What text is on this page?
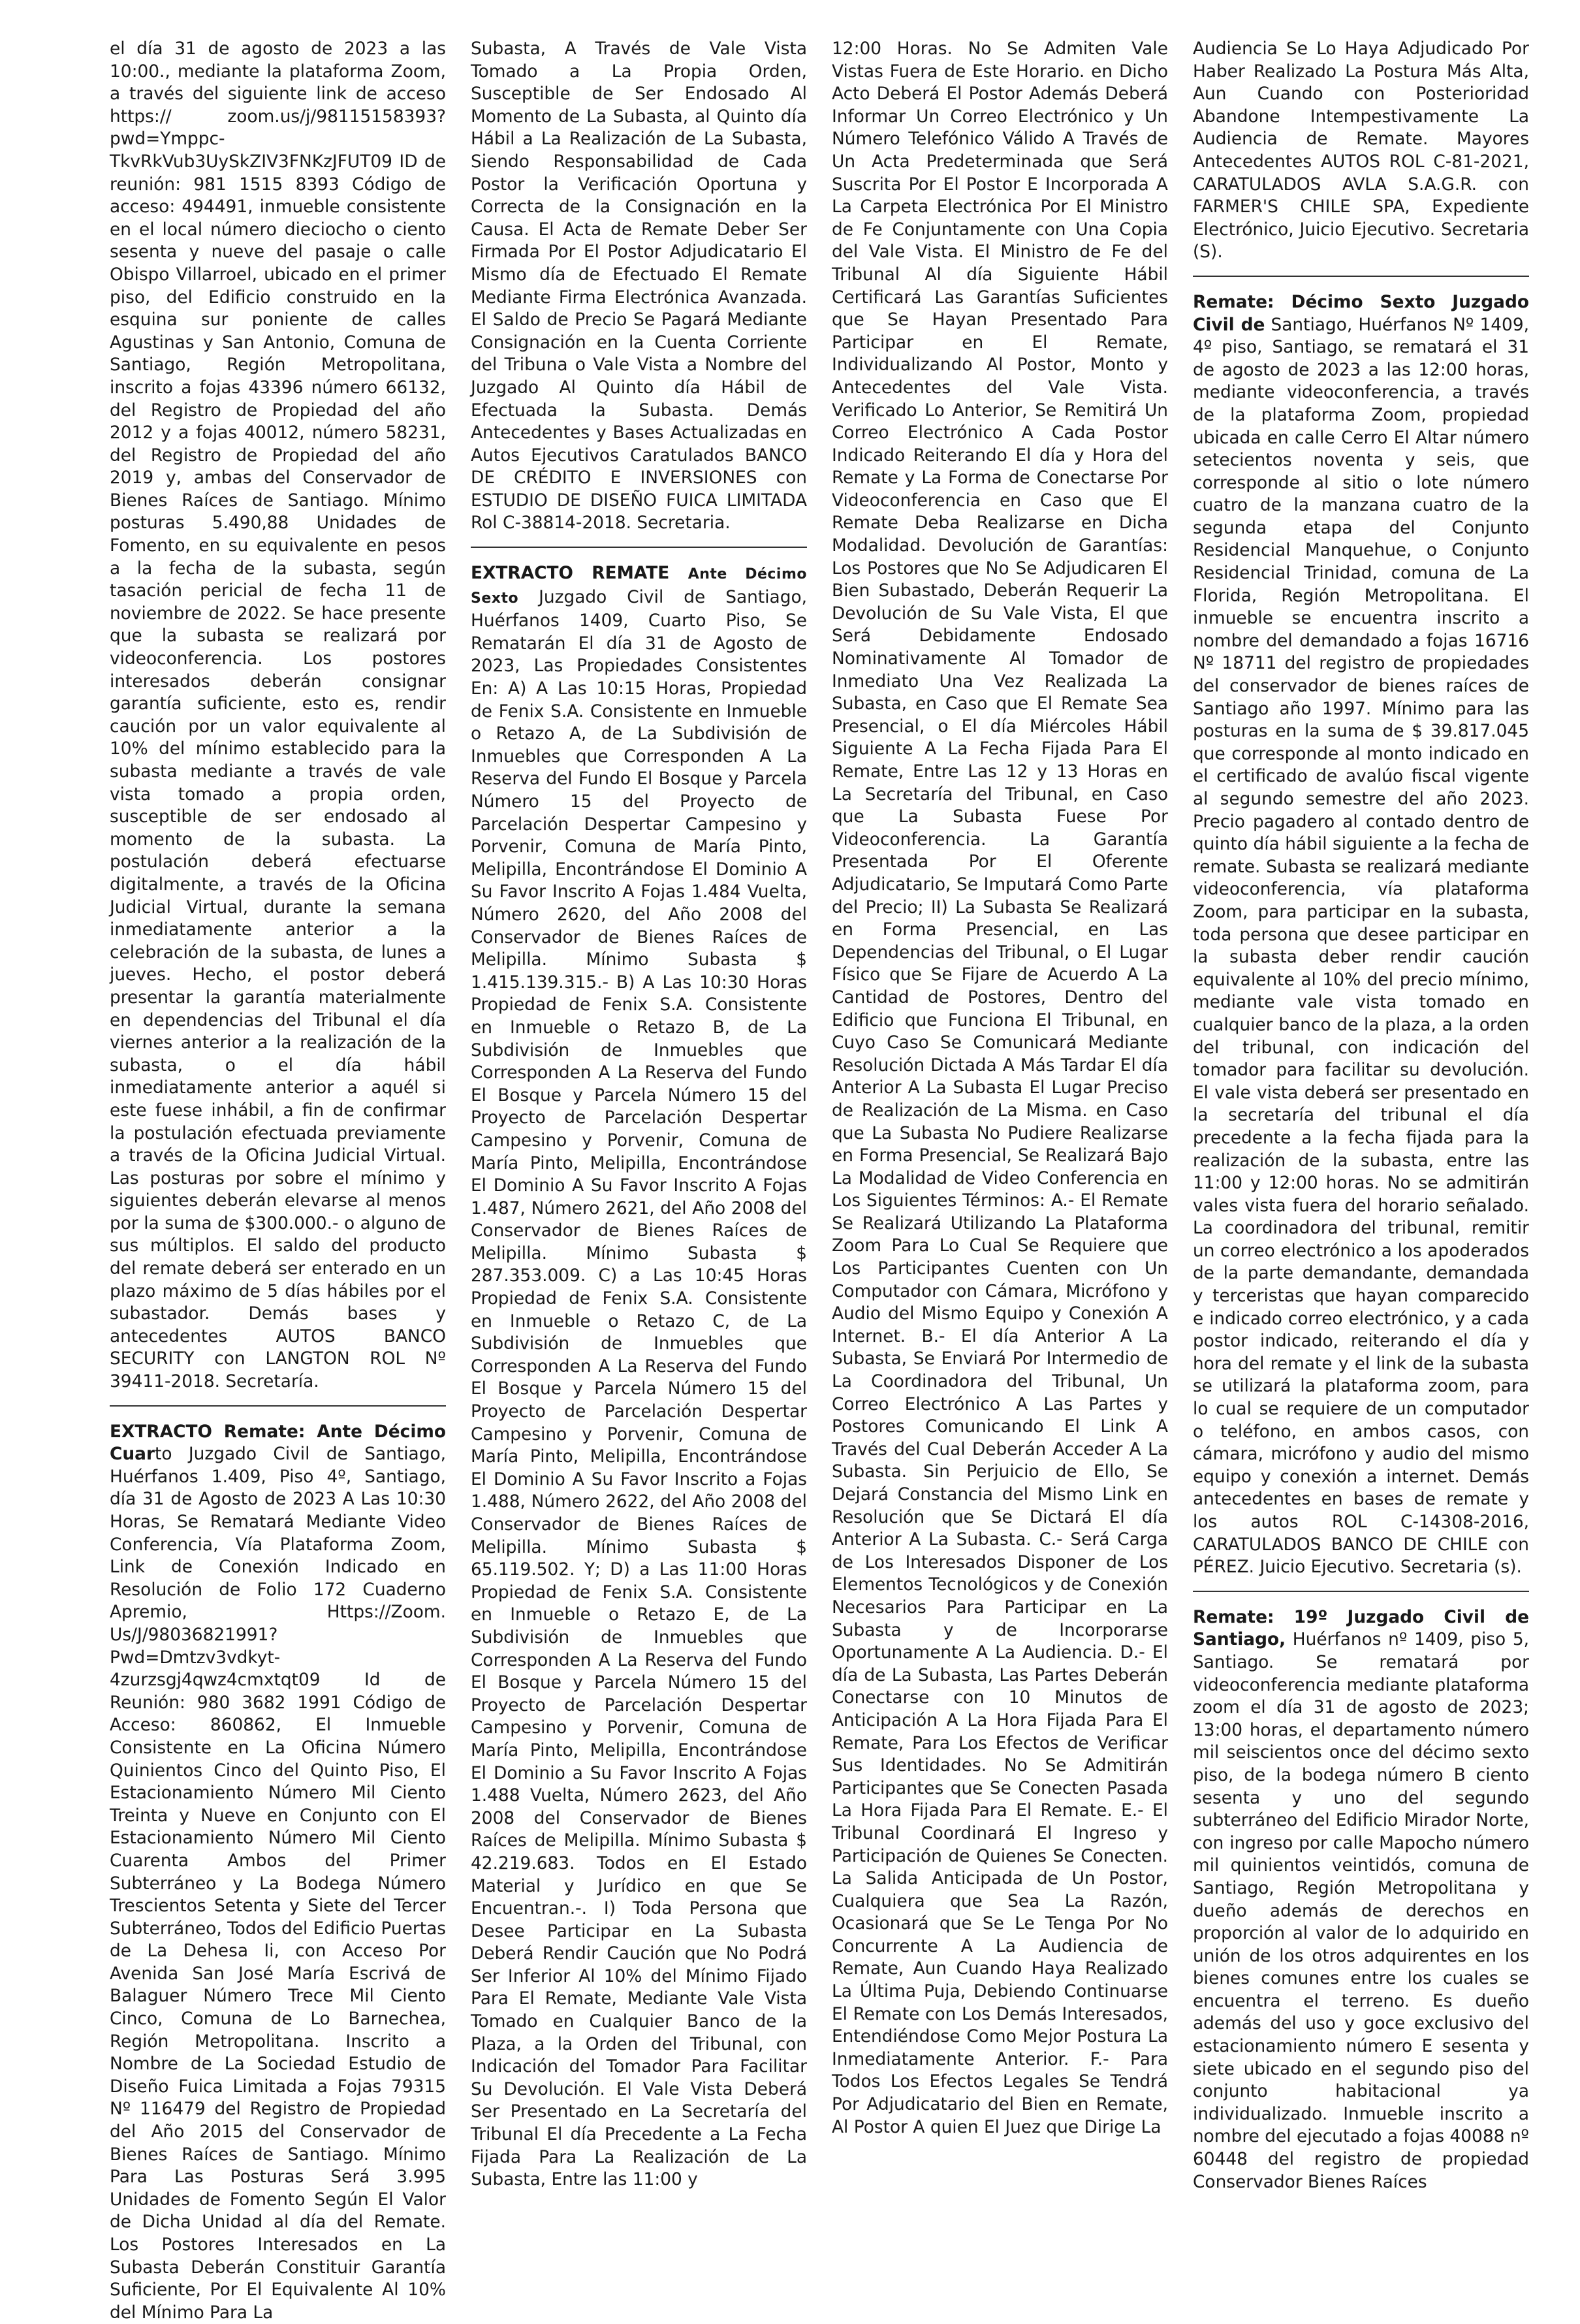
el día 31 de agosto de 2023 a las 10:00., mediante la plataforma Zoom, a través del siguiente link de acceso https:// zoom.us/j/98115158393?pwd=Ymppc-TkvRkVub3UySkZIV3FNKzJFUT09 ID de reunión: 981 1515 8393 Código de acceso: 494491, inmueble consistente en el local número dieciocho o ciento sesenta y nueve del pasaje o calle Obispo Villarroel, ubicado en el primer piso, del Edificio construido en la esquina sur poniente de calles Agustinas y San Antonio, Comuna de Santiago, Región Metropolitana, inscrito a fojas 43396 número 66132, del Registro de Propiedad del año 2012 y a fojas 40012, número 58231, del Registro de Propiedad del año 2019 y, ambas del Conservador de Bienes Raíces de Santiago. Mínimo posturas 5.490,88 Unidades de Fomento, en su equivalente en pesos a la fecha de la subasta, según tasación pericial de fecha 11 de noviembre de 2022. Se hace presente que la subasta se realizará por videoconferencia. Los postores interesados deberán consignar garantía suficiente, esto es, rendir caución por un valor equivalente al 10% del mínimo establecido para la subasta mediante a través de vale vista tomado a propia orden, susceptible de ser endosado al momento de la subasta. La postulación deberá efectuarse digitalmente, a través de la Oficina Judicial Virtual, durante la semana inmediatamente anterior a la celebración de la subasta, de lunes a jueves. Hecho, el postor deberá presentar la garantía materialmente en dependencias del Tribunal el día viernes anterior a la realización de la subasta, o el día hábil inmediatamente anterior a aquél si este fuese inhábil, a fin de confirmar la postulación efectuada previamente a través de la Oficina Judicial Virtual. Las posturas por sobre el mínimo y siguientes deberán elevarse al menos por la suma de $300.000.- o alguno de sus múltiplos. El saldo del producto del remate deberá ser enterado en un plazo máximo de 5 días hábiles por el subastador. Demás bases y antecedentes AUTOS BANCO SECURITY con LANGTON ROL Nº 39411-2018. Secretaría.

EXTRACTO Remate: Ante Décimo Cuarto Juzgado Civil de Santiago, Huérfanos 1.409, Piso 4º, Santiago, día 31 de Agosto de 2023 A Las 10:30 Horas, Se Rematará Mediante Video Conferencia, Vía Plataforma Zoom, Link de Conexión Indicado en Resolución de Folio 172 Cuaderno Apremio, Https://Zoom. Us/J/98036821991?Pwd=Dmtzv3vdkyt-4zurzsgj4qwz4cmxtqt09 Id de Reunión: 980 3682 1991 Código de Acceso: 860862, El Inmueble Consistente en La Oficina Número Quinientos Cinco del Quinto Piso, El Estacionamiento Número Mil Ciento Treinta y Nueve en Conjunto con El Estacionamiento Número Mil Ciento Cuarenta Ambos del Primer Subterráneo y La Bodega Número Trescientos Setenta y Siete del Tercer Subterráneo, Todos del Edificio Puertas de La Dehesa Ii, con Acceso Por Avenida San José María Escrivá de Balaguer Número Trece Mil Ciento Cinco, Comuna de Lo Barnechea, Región Metropolitana. Inscrito a Nombre de La Sociedad Estudio de Diseño Fuica Limitada a Fojas 79315 Nº 116479 del Registro de Propiedad del Año 2015 del Conservador de Bienes Raíces de Santiago. Mínimo Para Las Posturas Será 3.995 Unidades de Fomento Según El Valor de Dicha Unidad al día del Remate. Los Postores Interesados en La Subasta Deberán Constituir Garantía Suficiente, Por El Equivalente Al 10% del Mínimo Para La

Subasta, A Través de Vale Vista Tomado a La Propia Orden, Susceptible de Ser Endosado Al Momento de La Subasta, al Quinto día Hábil a La Realización de La Subasta, Siendo Responsabilidad de Cada Postor la Verificación Oportuna y Correcta de la Consignación en la Causa. El Acta de Remate Deber Ser Firmada Por El Postor Adjudicatario El Mismo día de Efectuado El Remate Mediante Firma Electrónica Avanzada. El Saldo de Precio Se Pagará Mediante Consignación en la Cuenta Corriente del Tribuna o Vale Vista a Nombre del Juzgado Al Quinto día Hábil de Efectuada la Subasta. Demás Antecedentes y Bases Actualizadas en Autos Ejecutivos Caratulados BANCO DE CRÉDITO E INVERSIONES con ESTUDIO DE DISEÑO FUICA LIMITADA Rol C-38814-2018. Secretaria.

EXTRACTO REMATE Ante Décimo Sexto Juzgado Civil de Santiago, Huérfanos 1409, Cuarto Piso, Se Rematarán El día 31 de Agosto de 2023, Las Propiedades Consistentes En: A) A Las 10:15 Horas, Propiedad de Fenix S.A. Consistente en Inmueble o Retazo A, de La Subdivisión de Inmuebles que Corresponden A La Reserva del Fundo El Bosque y Parcela Número 15 del Proyecto de Parcelación Despertar Campesino y Porvenir, Comuna de María Pinto, Melipilla, Encontrándose El Dominio A Su Favor Inscrito A Fojas 1.484 Vuelta, Número 2620, del Año 2008 del Conservador de Bienes Raíces de Melipilla. Mínimo Subasta $ 1.415.139.315.- B) A Las 10:30 Horas Propiedad de Fenix S.A. Consistente en Inmueble o Retazo B, de La Subdivisión de Inmuebles que Corresponden A La Reserva del Fundo El Bosque y Parcela Número 15 del Proyecto de Parcelación Despertar Campesino y Porvenir, Comuna de María Pinto, Melipilla, Encontrándose El Dominio A Su Favor Inscrito A Fojas 1.487, Número 2621, del Año 2008 del Conservador de Bienes Raíces de Melipilla. Mínimo Subasta $ 287.353.009. C) a Las 10:45 Horas Propiedad de Fenix S.A. Consistente en Inmueble o Retazo C, de La Subdivisión de Inmuebles que Corresponden A La Reserva del Fundo El Bosque y Parcela Número 15 del Proyecto de Parcelación Despertar Campesino y Porvenir, Comuna de María Pinto, Melipilla, Encontrándose El Dominio A Su Favor Inscrito a Fojas 1.488, Número 2622, del Año 2008 del Conservador de Bienes Raíces de Melipilla. Mínimo Subasta $ 65.119.502. Y; D) a Las 11:00 Horas Propiedad de Fenix S.A. Consistente en Inmueble o Retazo E, de La Subdivisión de Inmuebles que Corresponden A La Reserva del Fundo El Bosque y Parcela Número 15 del Proyecto de Parcelación Despertar Campesino y Porvenir, Comuna de María Pinto, Melipilla, Encontrándose El Dominio a Su Favor Inscrito A Fojas 1.488 Vuelta, Número 2623, del Año 2008 del Conservador de Bienes Raíces de Melipilla. Mínimo Subasta $ 42.219.683. Todos en El Estado Material y Jurídico en que Se Encuentran.-. I) Toda Persona que Desee Participar en La Subasta Deberá Rendir Caución que No Podrá Ser Inferior Al 10% del Mínimo Fijado Para El Remate, Mediante Vale Vista Tomado en Cualquier Banco de la Plaza, a la Orden del Tribunal, con Indicación del Tomador Para Facilitar Su Devolución. El Vale Vista Deberá Ser Presentado en La Secretaría del Tribunal El día Precedente a La Fecha Fijada Para La Realización de La Subasta, Entre las 11:00 y

12:00 Horas. No Se Admiten Vale Vistas Fuera de Este Horario. en Dicho Acto Deberá El Postor Además Deberá Informar Un Correo Electrónico y Un Número Telefónico Válido A Través de Un Acta Predeterminada que Será Suscrita Por El Postor E Incorporada A La Carpeta Electrónica Por El Ministro de Fe Conjuntamente con Una Copia del Vale Vista. El Ministro de Fe del Tribunal Al día Siguiente Hábil Certificará Las Garantías Suficientes que Se Hayan Presentado Para Participar en El Remate, Individualizando Al Postor, Monto y Antecedentes del Vale Vista. Verificado Lo Anterior, Se Remitirá Un Correo Electrónico A Cada Postor Indicado Reiterando El día y Hora del Remate y La Forma de Conectarse Por Videoconferencia en Caso que El Remate Deba Realizarse en Dicha Modalidad. Devolución de Garantías: Los Postores que No Se Adjudicaren El Bien Subastado, Deberán Requerir La Devolución de Su Vale Vista, El que Será Debidamente Endosado Nominativamente Al Tomador de Inmediato Una Vez Realizada La Subasta, en Caso que El Remate Sea Presencial, o El día Miércoles Hábil Siguiente A La Fecha Fijada Para El Remate, Entre Las 12 y 13 Horas en La Secretaría del Tribunal, en Caso que La Subasta Fuese Por Videoconferencia. La Garantía Presentada Por El Oferente Adjudicatario, Se Imputará Como Parte del Precio; II) La Subasta Se Realizará en Forma Presencial, en Las Dependencias del Tribunal, o El Lugar Físico que Se Fijare de Acuerdo A La Cantidad de Postores, Dentro del Edificio que Funciona El Tribunal, en Cuyo Caso Se Comunicará Mediante Resolución Dictada A Más Tardar El día Anterior A La Subasta El Lugar Preciso de Realización de La Misma. en Caso que La Subasta No Pudiere Realizarse en Forma Presencial, Se Realizará Bajo La Modalidad de Video Conferencia en Los Siguientes Términos: A.- El Remate Se Realizará Utilizando La Plataforma Zoom Para Lo Cual Se Requiere que Los Participantes Cuenten con Un Computador con Cámara, Micrófono y Audio del Mismo Equipo y Conexión A Internet. B.- El día Anterior A La Subasta, Se Enviará Por Intermedio de La Coordinadora del Tribunal, Un Correo Electrónico A Las Partes y Postores Comunicando El Link A Través del Cual Deberán Acceder A La Subasta. Sin Perjuicio de Ello, Se Dejará Constancia del Mismo Link en Resolución que Se Dictará El día Anterior A La Subasta. C.- Será Carga de Los Interesados Disponer de Los Elementos Tecnológicos y de Conexión Necesarios Para Participar en La Subasta y de Incorporarse Oportunamente A La Audiencia. D.- El día de La Subasta, Las Partes Deberán Conectarse con 10 Minutos de Anticipación A La Hora Fijada Para El Remate, Para Los Efectos de Verificar Sus Identidades. No Se Admitirán Participantes que Se Conecten Pasada La Hora Fijada Para El Remate. E.- El Tribunal Coordinará El Ingreso y Participación de Quienes Se Conecten. La Salida Anticipada de Un Postor, Cualquiera que Sea La Razón, Ocasionará que Se Le Tenga Por No Concurrente A La Audiencia de Remate, Aun Cuando Haya Realizado La Última Puja, Debiendo Continuarse El Remate con Los Demás Interesados, Entendiéndose Como Mejor Postura La Inmediatamente Anterior. F.- Para Todos Los Efectos Legales Se Tendrá Por Adjudicatario del Bien en Remate, Al Postor A quien El Juez que Dirige La

Audiencia Se Lo Haya Adjudicado Por Haber Realizado La Postura Más Alta, Aun Cuando con Posterioridad Abandone Intempestivamente La Audiencia de Remate. Mayores Antecedentes AUTOS ROL C-81-2021, CARATULADOS AVLA S.A.G.R. con FARMER'S CHILE SPA, Expediente Electrónico, Juicio Ejecutivo. Secretaria (S).

Remate: Décimo Sexto Juzgado Civil de Santiago, Huérfanos Nº 1409, 4º piso, Santiago, se rematará el 31 de agosto de 2023 a las 12:00 horas, mediante videoconferencia, a través de la plataforma Zoom, propiedad ubicada en calle Cerro El Altar número setecientos noventa y seis, que corresponde al sitio o lote número cuatro de la manzana cuatro de la segunda etapa del Conjunto Residencial Manquehue, o Conjunto Residencial Trinidad, comuna de La Florida, Región Metropolitana. El inmueble se encuentra inscrito a nombre del demandado a fojas 16716 Nº 18711 del registro de propiedades del conservador de bienes raíces de Santiago año 1997. Mínimo para las posturas en la suma de $ 39.817.045 que corresponde al monto indicado en el certificado de avalúo fiscal vigente al segundo semestre del año 2023. Precio pagadero al contado dentro de quinto día hábil siguiente a la fecha de remate. Subasta se realizará mediante videoconferencia, vía plataforma Zoom, para participar en la subasta, toda persona que desee participar en la subasta deber rendir caución equivalente al 10% del precio mínimo, mediante vale vista tomado en cualquier banco de la plaza, a la orden del tribunal, con indicación del tomador para facilitar su devolución. El vale vista deberá ser presentado en la secretaría del tribunal el día precedente a la fecha fijada para la realización de la subasta, entre las 11:00 y 12:00 horas. No se admitirán vales vista fuera del horario señalado. La coordinadora del tribunal, remitir un correo electrónico a los apoderados de la parte demandante, demandada y terceristas que hayan comparecido e indicado correo electrónico, y a cada postor indicado, reiterando el día y hora del remate y el link de la subasta se utilizará la plataforma zoom, para lo cual se requiere de un computador o teléfono, en ambos casos, con cámara, micrófono y audio del mismo equipo y conexión a internet. Demás antecedentes en bases de remate y los autos ROL C-14308-2016, CARATULADOS BANCO DE CHILE con PÉREZ. Juicio Ejecutivo. Secretaria (s).

Remate: 19º Juzgado Civil de Santiago, Huérfanos nº 1409, piso 5, Santiago. Se rematará por videoconferencia mediante plataforma zoom el día 31 de agosto de 2023; 13:00 horas, el departamento número mil seiscientos once del décimo sexto piso, de la bodega número B ciento sesenta y uno del segundo subterráneo del Edificio Mirador Norte, con ingreso por calle Mapocho número mil quinientos veintidós, comuna de Santiago, Región Metropolitana y dueño además de derechos en proporción al valor de lo adquirido en unión de los otros adquirentes en los bienes comunes entre los cuales se encuentra el terreno. Es dueño además del uso y goce exclusivo del estacionamiento número E sesenta y siete ubicado en el segundo piso del conjunto habitacional ya individualizado. Inmueble inscrito a nombre del ejecutado a fojas 40088 nº 60448 del registro de propiedad Conservador Bienes Raíces
